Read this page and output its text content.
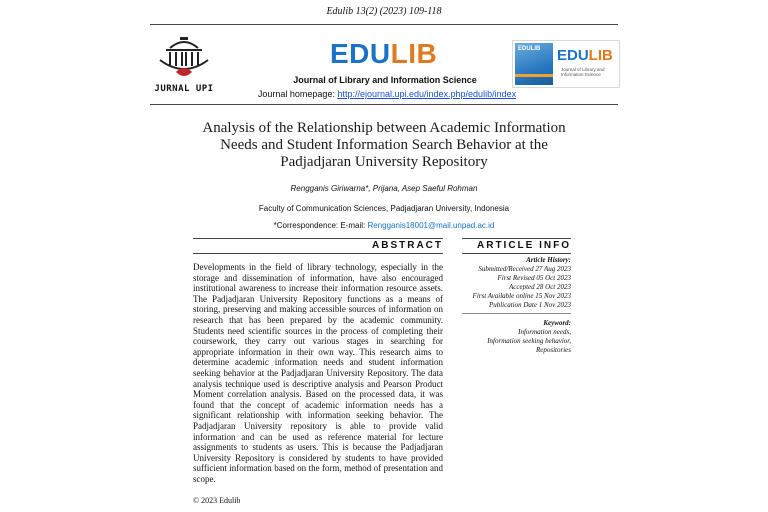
Edulib 13(2) (2023) 109-118
JURNAL UPI
EDULIB
Journal of Library and Information Science
Journal homepage: http://ejournal.upi.edu/index.php/edulib/index
EDULIB EDULIB
Journal of Library and Information Science
Analysis of the Relationship between Academic Information
Needs and Student Information Search Behavior at the
Padjadjaran University Repository
Rengganis Giriwarna*, Prijana, Asep Saeful Rohman
Faculty of Communication Sciences, Padjadjaran University, Indonesia
*Correspondence: E-mail: Rengganis18001@mail.unpad.ac.id
ABSTRACT	ARTICLE INFO
Developments in the field of library technology, especially in the storage and dissemination of information, have also encouraged institutional awareness to increase their information resource assets. The Padjadjaran University Repository functions as a means of storing, preserving and making accessible sources of information on research that has been prepared by the academic community. Students need scientific sources in the process of completing their coursework, they carry out various stages in searching for appropriate information in their own way. This research aims to determine academic information needs and student information seeking behavior at the Padjadjaran University Repository. The data analysis technique used is descriptive analysis and Pearson Product Moment correlation analysis. Based on the processed data, it was found that the concept of academic information needs has a significant relationship with information seeking behavior. The Padjadjaran University repository is able to provide valid information and can be used as reference material for lecture assignments to students as users. This is because the Padjadjaran University Repository is considered by students to have provided sufficient information based on the form, method of presentation and scope.
Article History:
Submitted/Received 27 Aug 2023
First Revised 05 Oct 2023
Accepted 28 Oct 2023
First Available online 15 Nov 2023
Publication Date 1 Nov 2023
Keyword:
Information needs,
Information seeking behavior,
Repositories
© 2023 Edulib
